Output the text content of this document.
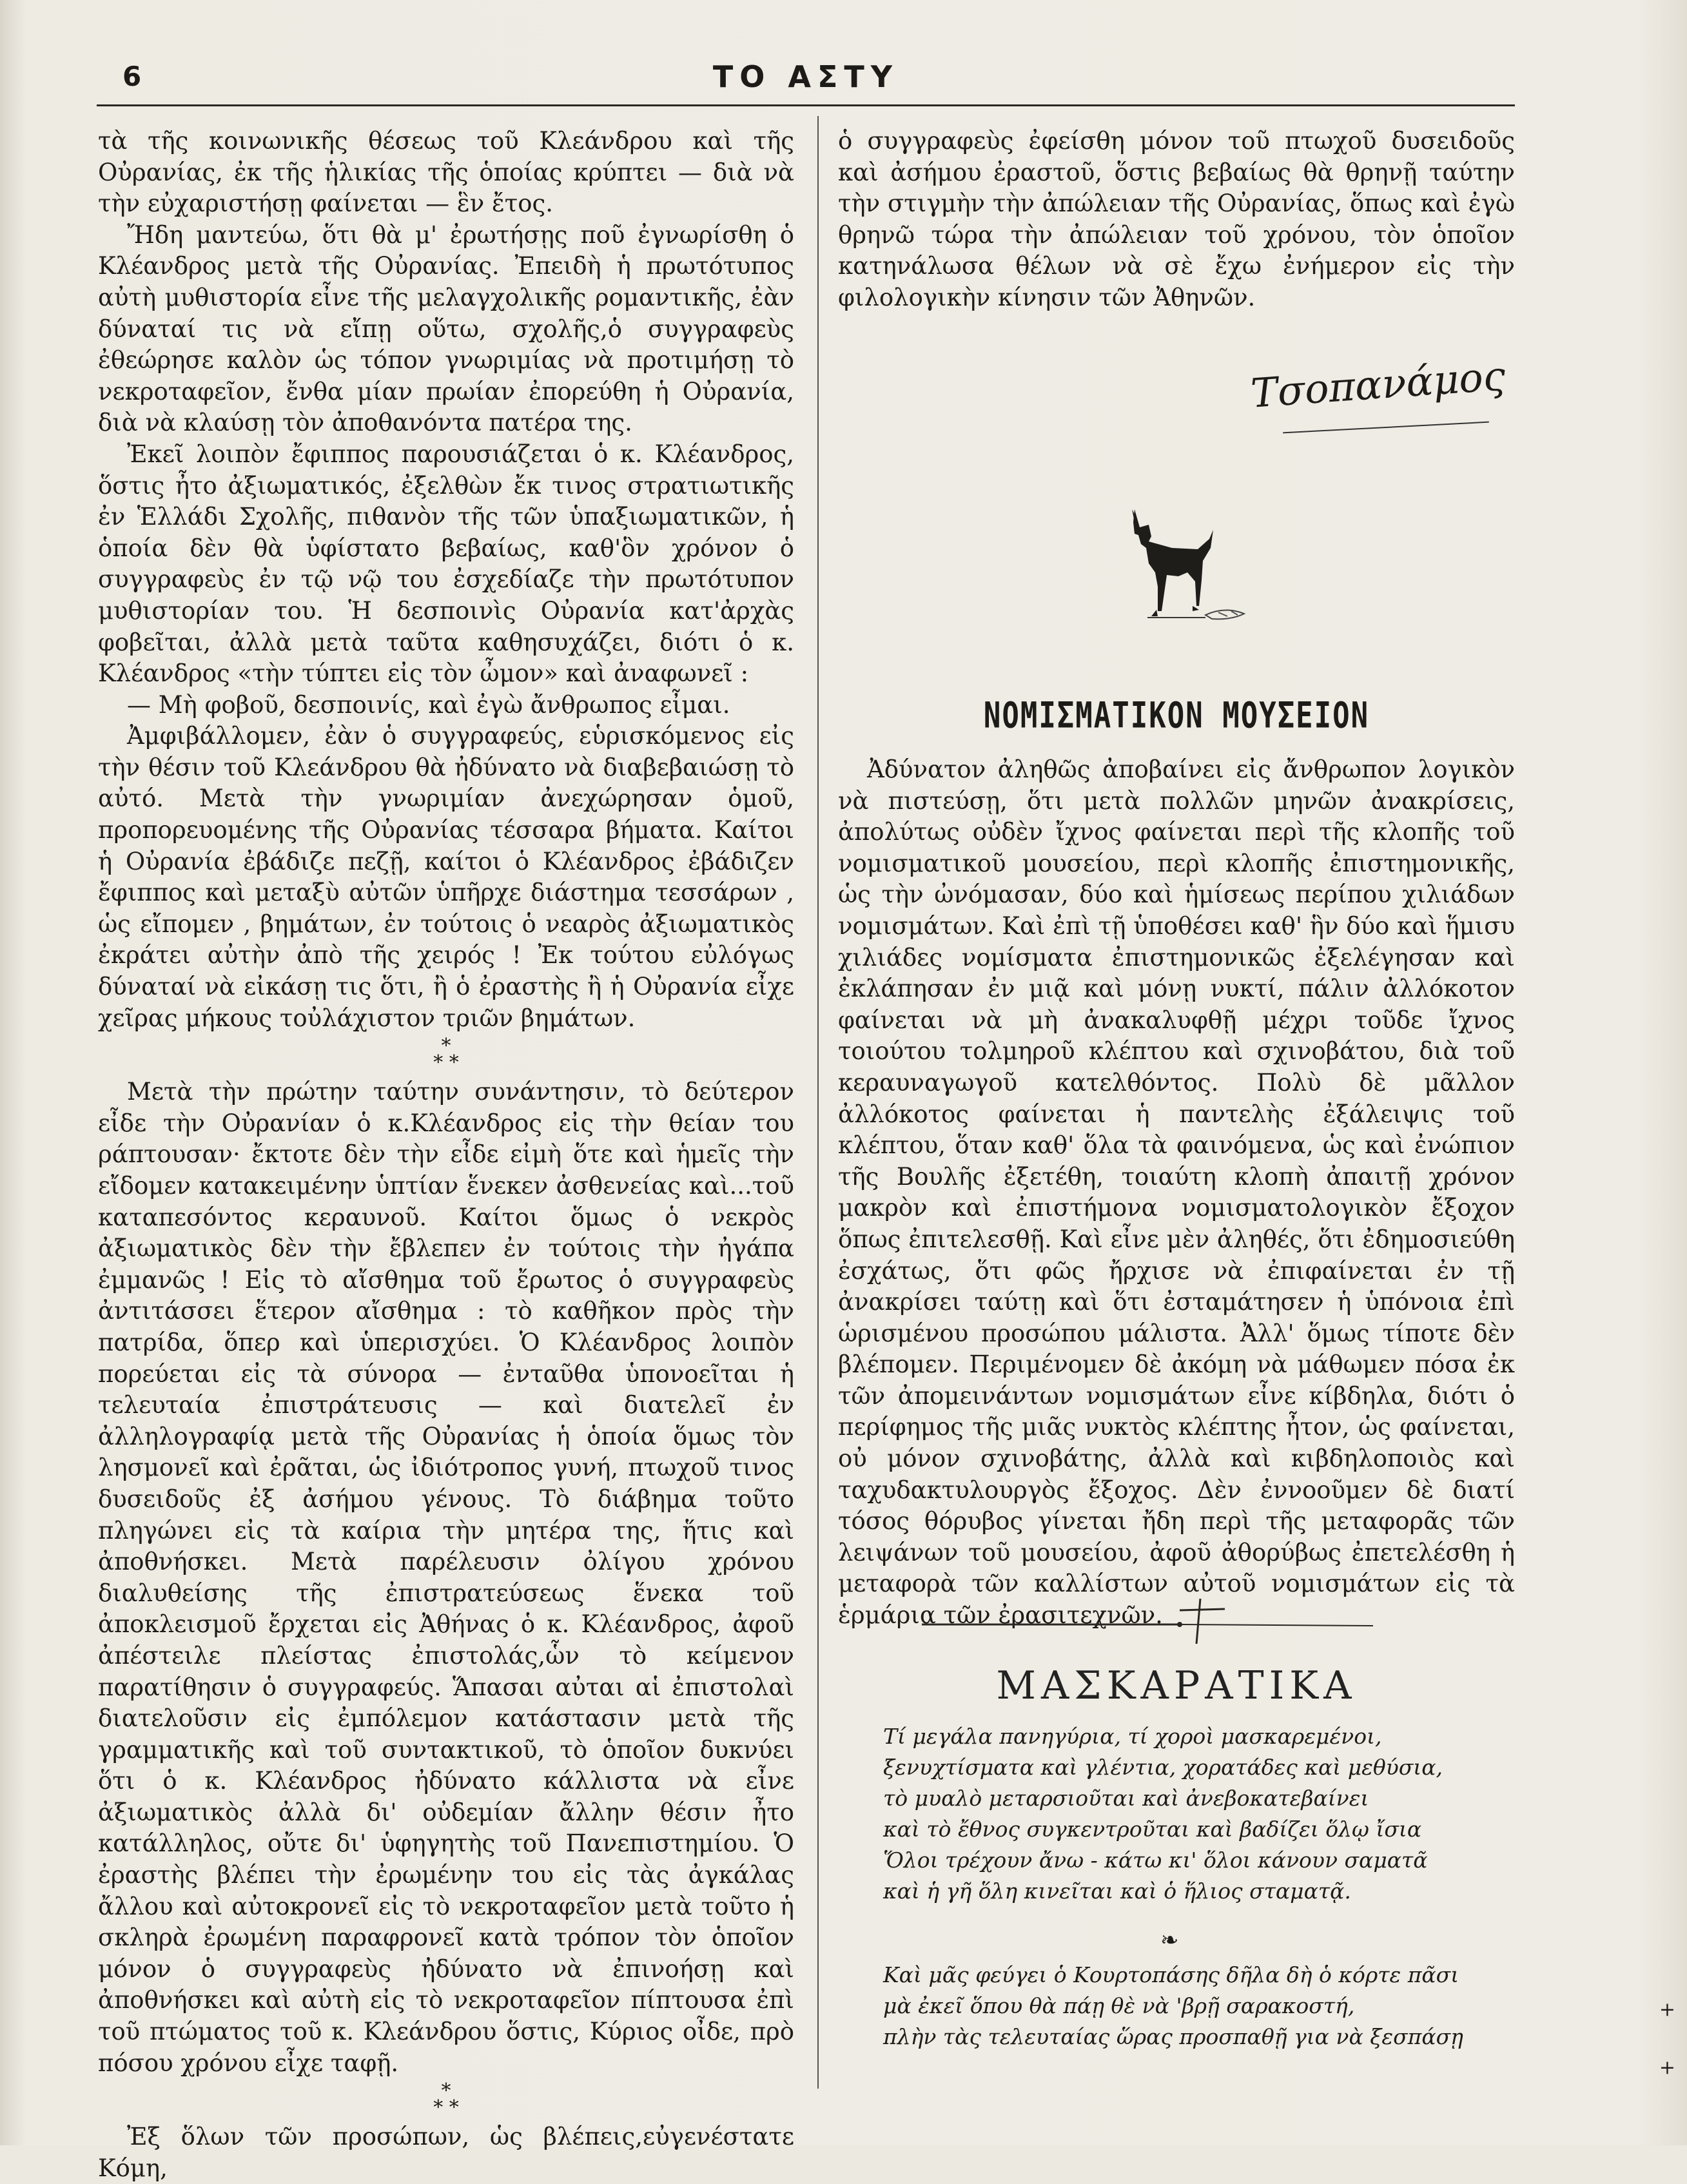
6	ΤΟ ΑΣΤΥ

τὰ τῆς κοινωνικῆς θέσεως τοῦ Κλεάνδρου καὶ τῆς Οὐρανίας, ἐκ τῆς ἡλικίας τῆς ὁποίας κρύπτει — διὰ νὰ τὴν εὐχαριστήσῃ φαίνεται — ἓν ἔτος.

Ἤδη μαντεύω, ὅτι θὰ μ' ἐρωτήσῃς ποῦ ἐγνωρίσθη ὁ Κλέανδρος μετὰ τῆς Οὐρανίας. Ἐπειδὴ ἡ πρωτότυπος αὐτὴ μυθιστορία εἶνε τῆς μελαγχολικῆς ρομαντικῆς, ἐὰν δύναταί τις νὰ εἴπῃ οὕτω, σχολῆς,ὁ συγγραφεὺς ἐθεώρησε καλὸν ὡς τόπον γνωριμίας νὰ προτιμήσῃ τὸ νεκροταφεῖον, ἔνθα μίαν πρωίαν ἐπορεύθη ἡ Οὐρανία, διὰ νὰ κλαύσῃ τὸν ἀποθανόντα πατέρα της.

Ἐκεῖ λοιπὸν ἔφιππος παρουσιάζεται ὁ κ. Κλέανδρος, ὅστις ἦτο ἀξιωματικός, ἐξελθὼν ἔκ τινος στρατιωτικῆς ἐν Ἑλλάδι Σχολῆς, πιθανὸν τῆς τῶν ὑπαξιωματικῶν, ἡ ὁποία δὲν θὰ ὑφίστατο βεβαίως, καθ'ὃν χρόνον ὁ συγγραφεὺς ἐν τῷ νῷ του ἐσχεδίαζε τὴν πρωτότυπον μυθιστορίαν του. Ἡ δεσποινὶς Οὐρανία κατ'ἀρχὰς φοβεῖται, ἀλλὰ μετὰ ταῦτα καθησυχάζει, διότι ὁ κ. Κλέανδρος «τὴν τύπτει εἰς τὸν ὦμον» καὶ ἀναφωνεῖ :

— Μὴ φοβοῦ, δεσποινίς, καὶ ἐγὼ ἄνθρωπος εἶμαι.

Ἀμφιβάλλομεν, ἐὰν ὁ συγγραφεύς, εὑρισκόμενος εἰς τὴν θέσιν τοῦ Κλεάνδρου θὰ ἠδύνατο νὰ διαβεβαιώσῃ τὸ αὐτό. Μετὰ τὴν γνωριμίαν ἀνεχώρησαν ὁμοῦ, προπορευομένης τῆς Οὐρανίας τέσσαρα βήματα. Καίτοι ἡ Οὐρανία ἐβάδιζε πεζῇ, καίτοι ὁ Κλέανδρος ἐβάδιζεν ἔφιππος καὶ μεταξὺ αὐτῶν ὑπῆρχε διάστημα τεσσάρων , ὡς εἴπομεν , βημάτων, ἐν τούτοις ὁ νεαρὸς ἀξιωματικὸς ἐκράτει αὐτὴν ἀπὸ τῆς χειρός ! Ἐκ τούτου εὐλόγως δύναταί νὰ εἰκάσῃ τις ὅτι, ἢ ὁ ἐραστὴς ἢ ἡ Οὐρανία εἶχε χεῖρας μήκους τοὐλάχιστον τριῶν βημάτων.

*
* *

Μετὰ τὴν πρώτην ταύτην συνάντησιν, τὸ δεύτερον εἶδε τὴν Οὐρανίαν ὁ κ.Κλέανδρος εἰς τὴν θείαν του ράπτουσαν· ἔκτοτε δὲν τὴν εἶδε εἰμὴ ὅτε καὶ ἡμεῖς τὴν εἴδομεν κατακειμένην ὑπτίαν ἕνεκεν ἀσθενείας καὶ...τοῦ καταπεσόντος κεραυνοῦ. Καίτοι ὅμως ὁ νεκρὸς ἀξιωματικὸς δὲν τὴν ἔβλεπεν ἐν τούτοις τὴν ἠγάπα ἐμμανῶς ! Εἰς τὸ αἴσθημα τοῦ ἔρωτος ὁ συγγραφεὺς ἀντιτάσσει ἕτερον αἴσθημα : τὸ καθῆκον πρὸς τὴν πατρίδα, ὅπερ καὶ ὑπερισχύει. Ὁ Κλέανδρος λοιπὸν πορεύεται εἰς τὰ σύνορα — ἐνταῦθα ὑπονοεῖται ἡ τελευταία ἐπιστράτευσις — καὶ διατελεῖ ἐν ἀλληλογραφίᾳ μετὰ τῆς Οὐρανίας ἡ ὁποία ὅμως τὸν λησμονεῖ καὶ ἐρᾶται, ὡς ἰδιότροπος γυνή, πτωχοῦ τινος δυσειδοῦς ἐξ ἀσήμου γένους. Τὸ διάβημα τοῦτο πληγώνει εἰς τὰ καίρια τὴν μητέρα της, ἥτις καὶ ἀποθνήσκει. Μετὰ παρέλευσιν ὀλίγου χρόνου διαλυθείσης τῆς ἐπιστρατεύσεως ἕνεκα τοῦ ἀποκλεισμοῦ ἔρχεται εἰς Ἀθήνας ὁ κ. Κλέανδρος, ἀφοῦ ἀπέστειλε πλείστας ἐπιστολάς,ὧν τὸ κείμενον παρατίθησιν ὁ συγγραφεύς. Ἅπασαι αὐται αἱ ἐπιστολαὶ διατελοῦσιν εἰς ἐμπόλεμον κατάστασιν μετὰ τῆς γραμματικῆς καὶ τοῦ συντακτικοῦ, τὸ ὁποῖον δυκνύει ὅτι ὁ κ. Κλέανδρος ἠδύνατο κάλλιστα νὰ εἶνε ἀξιωματικὸς ἀλλὰ δι' οὐδεμίαν ἄλλην θέσιν ἦτο κατάλληλος, οὔτε δι' ὑφηγητὴς τοῦ Πανεπιστημίου. Ὁ ἐραστὴς βλέπει τὴν ἐρωμένην του εἰς τὰς ἀγκάλας ἄλλου καὶ αὐτοκρονεῖ εἰς τὸ νεκροταφεῖον μετὰ τοῦτο ἡ σκληρὰ ἐρωμένη παραφρονεῖ κατὰ τρόπον τὸν ὁποῖον μόνον ὁ συγγραφεὺς ἠδύνατο νὰ ἐπινοήσῃ καὶ ἀποθνήσκει καὶ αὐτὴ εἰς τὸ νεκροταφεῖον πίπτουσα ἐπὶ τοῦ πτώματος τοῦ κ. Κλεάνδρου ὅστις, Κύριος οἶδε, πρὸ πόσου χρόνου εἶχε ταφῇ.

*
* *

Ἐξ ὅλων τῶν προσώπων, ὡς βλέπεις,εὐγενέστατε Κόμη,

ὁ συγγραφεὺς ἐφείσθη μόνον τοῦ πτωχοῦ δυσειδοῦς καὶ ἀσήμου ἐραστοῦ, ὅστις βεβαίως θὰ θρηνῇ ταύτην τὴν στιγμὴν τὴν ἀπώλειαν τῆς Οὐρανίας, ὅπως καὶ ἐγὼ θρηνῶ τώρα τὴν ἀπώλειαν τοῦ χρόνου, τὸν ὁποῖον κατηνάλωσα θέλων νὰ σὲ ἔχω ἐνήμερον εἰς τὴν φιλολογικὴν κίνησιν τῶν Ἀθηνῶν.

Τσοπανάμος
ΝΟΜΙΣΜΑΤΙΚΟΝ ΜΟΥΣΕΙΟΝ

Ἀδύνατον ἀληθῶς ἀποβαίνει εἰς ἄνθρωπον λογικὸν νὰ πιστεύσῃ, ὅτι μετὰ πολλῶν μηνῶν ἀνακρίσεις, ἀπολύτως οὐδὲν ἴχνος φαίνεται περὶ τῆς κλοπῆς τοῦ νομισματικοῦ μουσείου, περὶ κλοπῆς ἐπιστημονικῆς, ὡς τὴν ὠνόμασαν, δύο καὶ ἡμίσεως περίπου χιλιάδων νομισμάτων. Καὶ ἐπὶ τῇ ὑποθέσει καθ' ἣν δύο καὶ ἥμισυ χιλιάδες νομίσματα ἐπιστημονικῶς ἐξελέγησαν καὶ ἐκλάπησαν ἐν μιᾷ καὶ μόνῃ νυκτί, πάλιν ἀλλόκοτον φαίνεται νὰ μὴ ἀνακαλυφθῇ μέχρι τοῦδε ἴχνος τοιούτου τολμηροῦ κλέπτου καὶ σχινοβάτου, διὰ τοῦ κεραυναγωγοῦ κατελθόντος. Πολὺ δὲ μᾶλλον ἀλλόκοτος φαίνεται ἡ παντελὴς ἐξάλειψις τοῦ κλέπτου, ὅταν καθ' ὅλα τὰ φαινόμενα, ὡς καὶ ἐνώπιον τῆς Βουλῆς ἐξετέθη, τοιαύτη κλοπὴ ἀπαιτῇ χρόνον μακρὸν καὶ ἐπιστήμονα νομισματολογικὸν ἔξοχον ὅπως ἐπιτελεσθῇ. Καὶ εἶνε μὲν ἀληθές, ὅτι ἐδημοσιεύθη ἐσχάτως, ὅτι φῶς ἤρχισε νὰ ἐπιφαίνεται ἐν τῇ ἀνακρίσει ταύτῃ καὶ ὅτι ἐσταμάτησεν ἡ ὑπόνοια ἐπὶ ὡρισμένου προσώπου μάλιστα. Ἀλλ' ὅμως τίποτε δὲν βλέπομεν. Περιμένομεν δὲ ἀκόμη νὰ μάθωμεν πόσα ἐκ τῶν ἀπομεινάντων νομισμάτων εἶνε κίβδηλα, διότι ὁ περίφημος τῆς μιᾶς νυκτὸς κλέπτης ἦτον, ὡς φαίνεται, οὐ μόνον σχινοβάτης, ἀλλὰ καὶ κιβδηλοποιὸς καὶ ταχυδακτυλουργὸς ἔξοχος. Δὲν ἐννοοῦμεν δὲ διατί τόσος θόρυβος γίνεται ἤδη περὶ τῆς μεταφορᾶς τῶν λειψάνων τοῦ μουσείου, ἀφοῦ ἀθορύβως ἐπετελέσθη ἡ μεταφορὰ τῶν καλλίστων αὐτοῦ νομισμάτων εἰς τὰ ἑρμάρια τῶν ἐρασιτεχνῶν.

ΜΑΣΚΑΡΑΤΙΚΑ

Τί μεγάλα πανηγύρια, τί χοροὶ μασκαρεμένοι,

ξενυχτίσματα καὶ γλέντια, χορατάδες καὶ μεθύσια,

τὸ μυαλὸ μεταρσιοῦται καὶ ἀνεβοκατεβαίνει

καὶ τὸ ἔθνος συγκεντροῦται καὶ βαδίζει ὅλῳ ἴσια

Ὅλοι τρέχουν ἄνω - κάτω κι' ὅλοι κάνουν σαματᾶ

καὶ ἡ γῆ ὅλη κινεῖται καὶ ὁ ἥλιος σταματᾷ.

❧

Καὶ μᾶς φεύγει ὁ Κουρτοπάσης δῆλα δὴ ὁ κόρτε πᾶσι

μὰ ἐκεῖ ὅπου θὰ πάῃ θὲ νὰ 'βρῇ σαρακοστή,

πλὴν τὰς τελευταίας ὥρας προσπαθῇ για νὰ ξεσπάσῃ

+
+
